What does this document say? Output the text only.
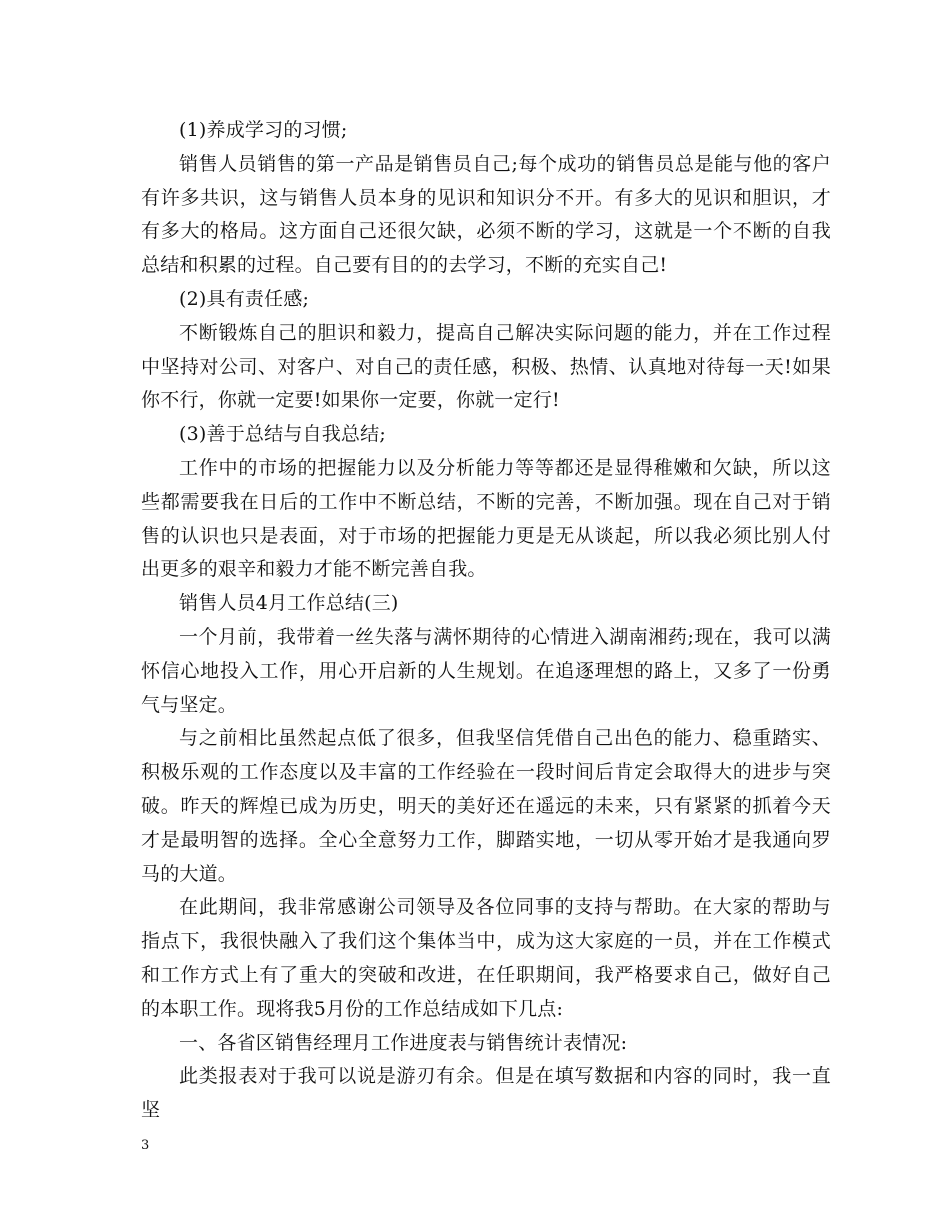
(1)养成学习的习惯;

销售人员销售的第一产品是销售员自己;每个成功的销售员总是能与他的客户有许多共识，这与销售人员本身的见识和知识分不开。有多大的见识和胆识，才有多大的格局。这方面自己还很欠缺，必须不断的学习，这就是一个不断的自我总结和积累的过程。自己要有目的的去学习，不断的充实自己!

(2)具有责任感;

不断锻炼自己的胆识和毅力，提高自己解决实际问题的能力，并在工作过程中坚持对公司、对客户、对自己的责任感，积极、热情、认真地对待每一天!如果你不行，你就一定要!如果你一定要，你就一定行!

(3)善于总结与自我总结;

工作中的市场的把握能力以及分析能力等等都还是显得稚嫩和欠缺，所以这些都需要我在日后的工作中不断总结，不断的完善，不断加强。现在自己对于销售的认识也只是表面，对于市场的把握能力更是无从谈起，所以我必须比别人付出更多的艰辛和毅力才能不断完善自我。

销售人员4月工作总结(三)

一个月前，我带着一丝失落与满怀期待的心情进入湖南湘药;现在，我可以满怀信心地投入工作，用心开启新的人生规划。在追逐理想的路上，又多了一份勇气与坚定。

与之前相比虽然起点低了很多，但我坚信凭借自己出色的能力、稳重踏实、积极乐观的工作态度以及丰富的工作经验在一段时间后肯定会取得大的进步与突破。昨天的辉煌已成为历史，明天的美好还在遥远的未来，只有紧紧的抓着今天才是最明智的选择。全心全意努力工作，脚踏实地，一切从零开始才是我通向罗马的大道。

在此期间，我非常感谢公司领导及各位同事的支持与帮助。在大家的帮助与指点下，我很快融入了我们这个集体当中，成为这大家庭的一员，并在工作模式和工作方式上有了重大的突破和改进，在任职期间，我严格要求自己，做好自己的本职工作。现将我5月份的工作总结成如下几点:

一、各省区销售经理月工作进度表与销售统计表情况:

此类报表对于我可以说是游刃有余。但是在填写数据和内容的同时，我一直坚

3
